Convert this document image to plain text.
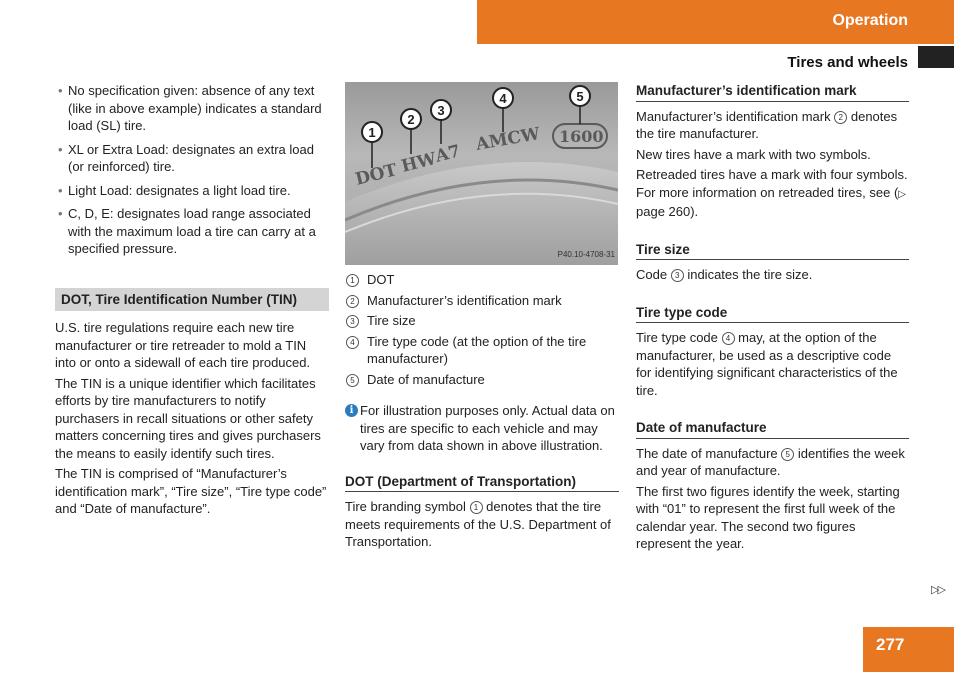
Operation
Tires and wheels
• No specification given: absence of any text (like in above example) indicates a standard load (SL) tire.
• XL or Extra Load: designates an extra load (or reinforced) tire.
• Light Load: designates a light load tire.
• C, D, E: designates load range associated with the maximum load a tire can carry at a specified pressure.
DOT, Tire Identification Number (TIN)

U.S. tire regulations require each new tire manufacturer or tire retreader to mold a TIN into or onto a sidewall of each tire produced.

The TIN is a unique identifier which facilitates efforts by tire manufacturers to notify purchasers in recall situations or other safety matters concerning tires and gives purchasers the means to easily identify such tires.

The TIN is comprised of “Manufacturer’s identification mark”, “Tire size”, “Tire type code” and “Date of manufacture”.

DOT HW
A7 AMCW 1600
1
2
3
4	5
P40.10-4708-31
1 DOT
2 Manufacturer’s identification mark
3 Tire size
4 Tire type code (at the option of the tire manufacturer)
5 Date of manufacture
i For illustration purposes only. Actual data on tires are specific to each vehicle and may vary from data shown in above illustration.
DOT (Department of Transportation)

Tire branding symbol 1 denotes that the tire meets requirements of the U.S. Department of Transportation.

Manufacturer’s identification mark

Manufacturer’s identification mark 2 denotes the tire manufacturer.

New tires have a mark with two symbols.

Retreaded tires have a mark with four symbols. For more information on retreaded tires, see (▷ page 260).

Tire size

Code 3 indicates the tire size.

Tire type code

Tire type code 4 may, at the option of the manufacturer, be used as a descriptive code for identifying significant characteristics of the tire.

Date of manufacture

The date of manufacture 5 identifies the week and year of manufacture.

The first two figures identify the week, starting with “01” to represent the first full week of the calendar year. The second two figures represent the year.

▷▷
277
